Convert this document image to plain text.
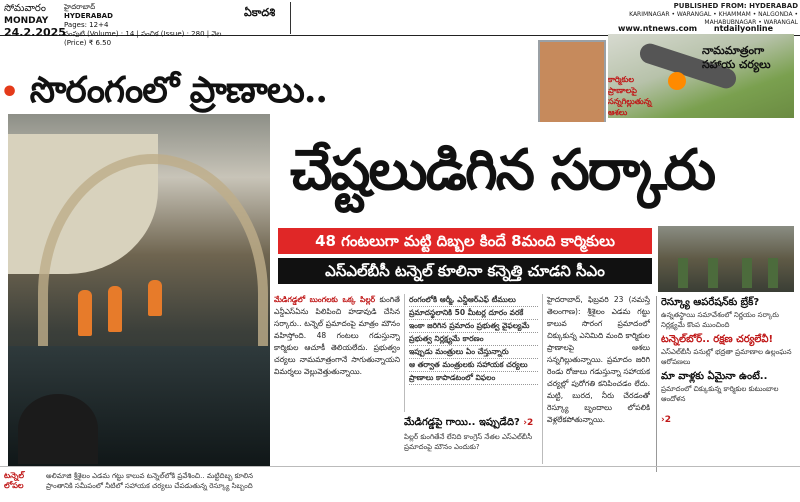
సోమవారం
MONDAY
24.2.2025
హైదరాబాద్
HYDERABAD
Pages: 12+4
సంపుటి (Volume) : 14 | సంచిక (Issue) : 280 | వెల (Price) ₹ 6.50
ఏకాదశి	PUBLISHED FROM: HYDERABAD
KARIMNAGAR • WARANGAL • KHAMMAM • NALGONDA • MAHABUBNAGAR • WARANGAL
www.ntnews.com ntdailyonline
• సొరంగంలో ప్రాణాలు..
చేష్టలుడిగిన సర్కారు
నామమాత్రంగా సహాయ చర్యలు
కార్మికుల ప్రాణాలపై సన్నగిల్లుతున్న ఆశలు
48 గంటలుగా మట్టి దిబ్బల కిందే 8మంది కార్మికులు
ఎస్ఎల్‌బీసీ టన్నెల్ కూలినా కన్నెత్తి చూడని సీఎం
మేడిగడ్డలో బుంగలకు ఒక్క పిల్లర్ కుంగితే ఎన్డీఎస్ఏను పిలిపించి హడావుడి చేసిన సర్కారు.. టన్నెల్ ప్రమాదంపై మాత్రం మౌనం వహిస్తోంది. 48 గంటలు గడుస్తున్నా కార్మికుల ఆచూకీ తెలియలేదు. ప్రభుత్వం చర్యలు నామమాత్రంగానే సాగుతున్నాయని విమర్శలు వెల్లువెత్తుతున్నాయి.

రంగంలోకి ఆర్మీ, ఎన్డీఆర్ఎఫ్ టీములు

ప్రమాదస్థలానికి 50 మీటర్ల దూరం వరకే

ఇంకా జరిగిన ప్రమాదం ప్రభుత్వ వైఫల్యమే

ప్రభుత్వ నిర్లక్ష్యమే కారణం

ఇప్పుడు మంత్రులు ఏం చేస్తున్నారు

ఆ తర్వాత మంత్రులకు సహాయక చర్యలు

ప్రాణాలు కాపాడటంలో విఫలం

మేడిగడ్డపై గాయి.. ఇప్పుడేది? ›2
పిల్లర్ కుంగితేనే లేనిది కాంగ్రెస్ నేతల ఎస్ఎల్‌బీసీ ప్రమాదంపై మౌనం ఎందుకు?
హైదరాబాద్, ఫిబ్రవరి 23 (నమస్తే తెలంగాణ): శ్రీశైలం ఎడమ గట్టు కాలువ సొరంగ ప్రమాదంలో చిక్కుకున్న ఎనిమిది మంది కార్మికుల ప్రాణాలపై ఆశలు సన్నగిల్లుతున్నాయి. ప్రమాదం జరిగి రెండు రోజులు గడుస్తున్నా సహాయక చర్యల్లో పురోగతి కనిపించడం లేదు. మట్టి, బురద, నీరు చేరడంతో రెస్క్యూ బృందాలు లోపలికి వెళ్లలేకపోతున్నాయి.
రెస్క్యూ ఆపరేషన్‌కు బ్రేక్?
ఉన్నతస్థాయి సమావేశంలో నిర్ణయం సర్కారు నిర్లక్ష్యమే కొంప ముంచింది
టన్నెల్‌బోర్.. రక్షణ చర్యలేవీ!
ఎస్ఎల్‌బీసీ పనుల్లో భద్రతా ప్రమాణాల ఉల్లంఘన ఆరోపణలు
మా వాళ్లకు ఏమైనా ఉంటే..
ప్రమాదంలో చిక్కుకున్న కార్మికుల కుటుంబాల ఆందోళన
›2
టన్నెల్ లోపల
అలిమాజి శ్రీశైలం ఎడమ గట్టు కాలువ టన్నెల్‌లోకి ప్రవేశించి.. మట్టిదిబ్బ కూలిన ప్రాంతానికి సమీపంలో నీటిలో సహాయక చర్యలు చేపడుతున్న రెస్క్యూ సిబ్బంది
